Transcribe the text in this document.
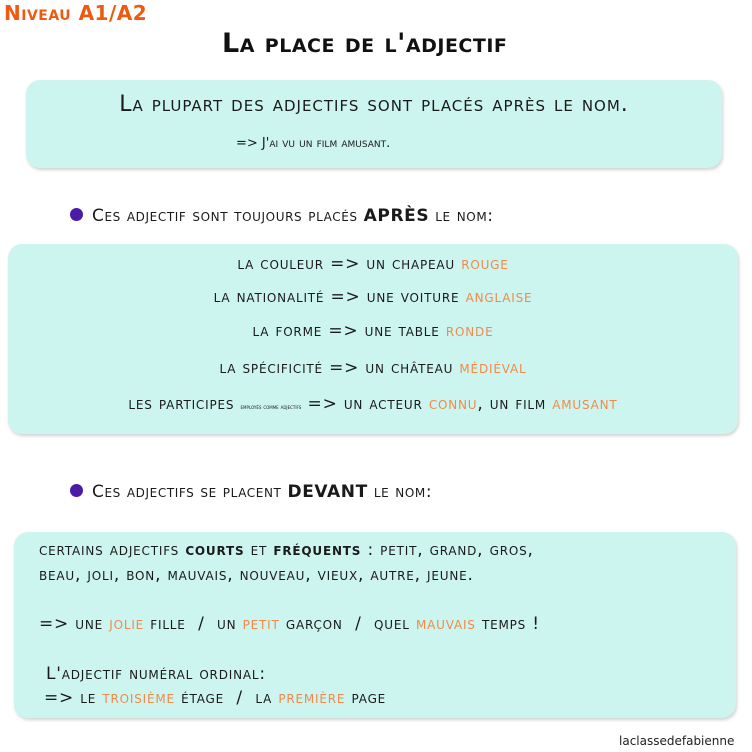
Niveau A1/A2
La place de l'adjectif
La plupart des adjectifs sont placés après le nom.
=> J'ai vu un film amusant.
Ces adjectif sont toujours placés APRÈS le nom:
la couleur => un chapeau rouge
la nationalité => une voiture anglaise
la forme => une table ronde
la spécificité => un château médiéval
les participes employés comme adjectifs => un acteur connu, un film amusant
Ces adjectifs se placent DEVANT le nom:
certains adjectifs courts et fréquents : petit, grand, gros,
beau, joli, bon, mauvais, nouveau, vieux, autre, jeune.
=> une jolie fille  /  un petit garçon  /  quel mauvais temps !
L'adjectif numéral ordinal:
=> le troisième étage  /  la première page
laclassedefabienne
